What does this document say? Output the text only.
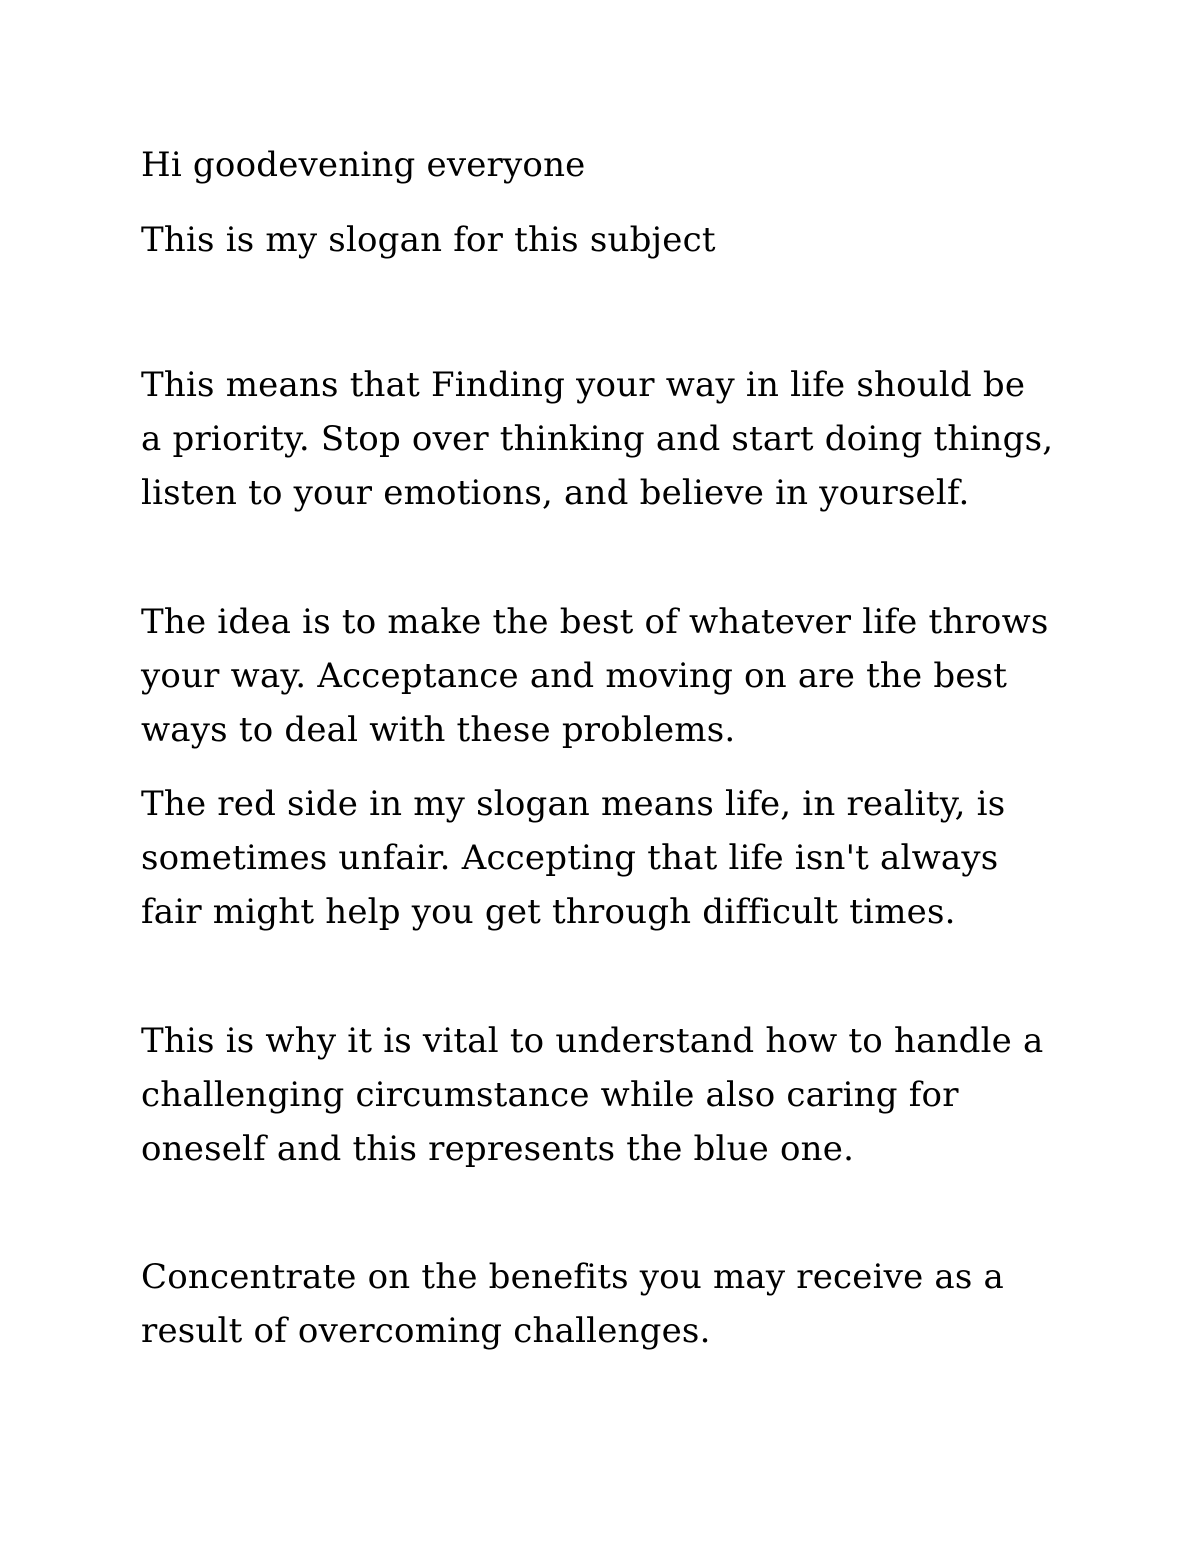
Hi goodevening everyone

This is my slogan for this subject

This means that Finding your way in life should be a priority. Stop over thinking and start doing things, listen to your emotions, and believe in yourself.

The idea is to make the best of whatever life throws your way. Acceptance and moving on are the best ways to deal with these problems.

The red side in my slogan means life, in reality, is sometimes unfair. Accepting that life isn't always fair might help you get through difficult times.

This is why it is vital to understand how to handle a challenging circumstance while also caring for oneself and this represents the blue one.

Concentrate on the benefits you may receive as a result of overcoming challenges.
